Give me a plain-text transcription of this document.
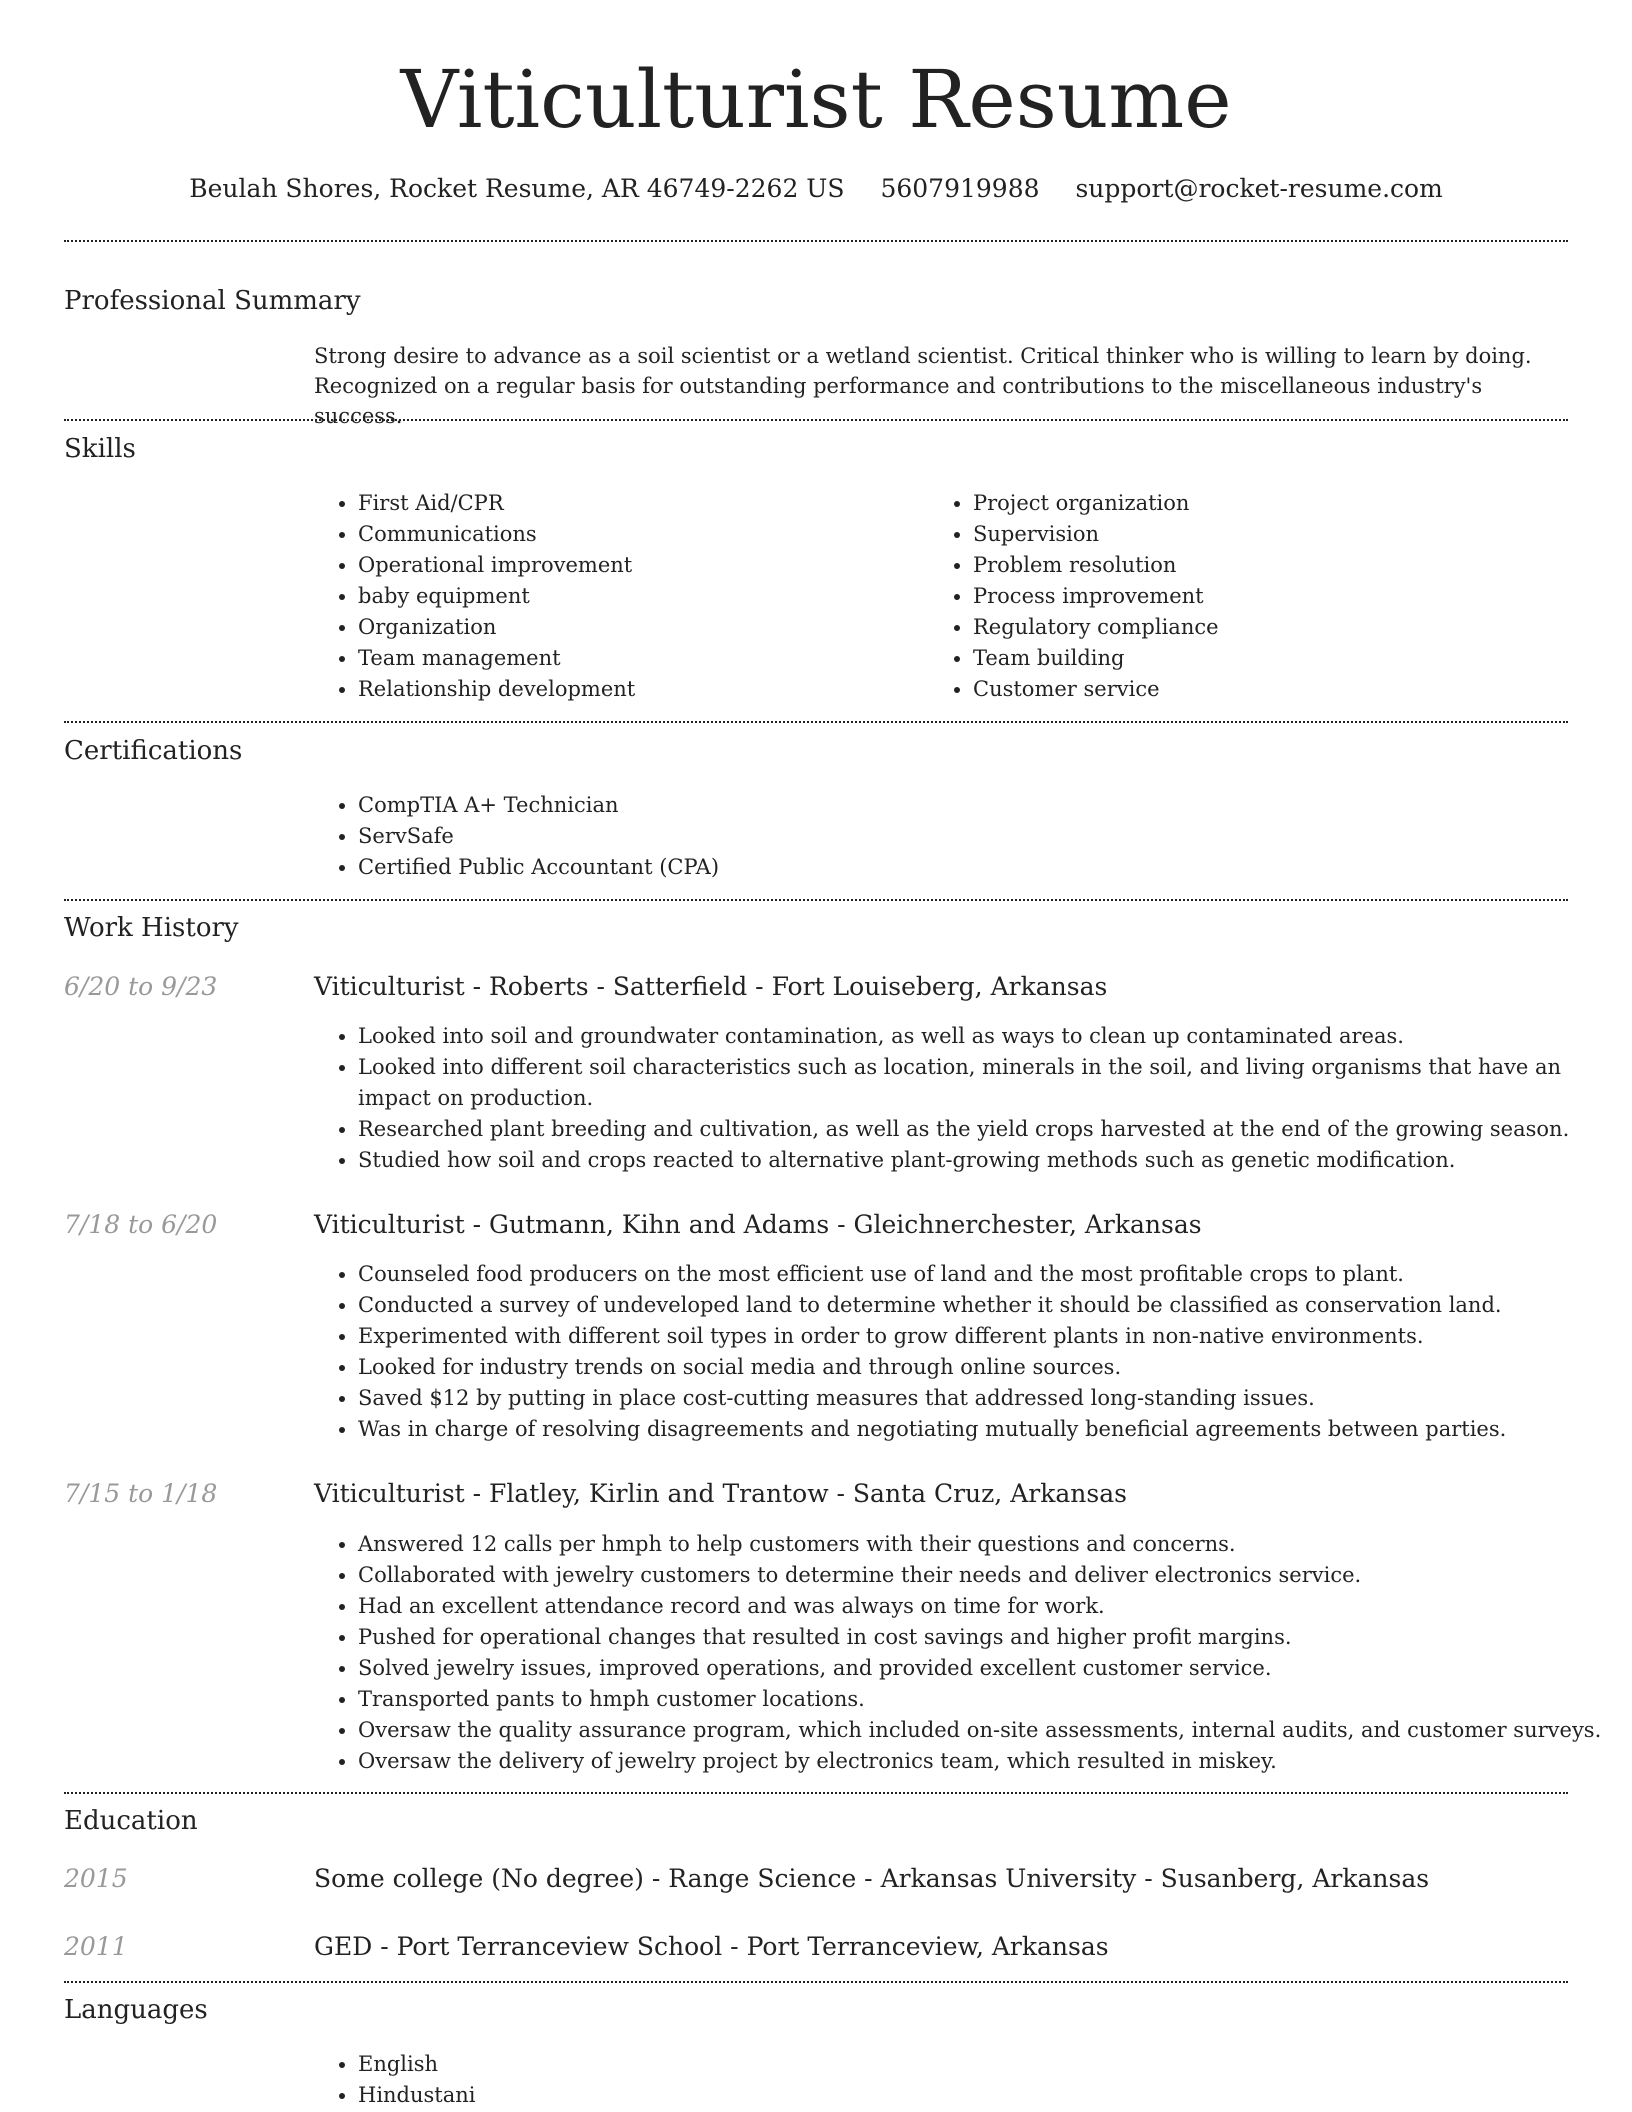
Viticulturist Resume
Beulah Shores, Rocket Resume, AR 46749-2262 US 5607919988 support@rocket-resume.com
Professional Summary

Strong desire to advance as a soil scientist or a wetland scientist. Critical thinker who is willing to learn by doing. Recognized on a regular basis for outstanding performance and contributions to the miscellaneous industry's success.

Skills
• First Aid/CPR
• Communications
• Operational improvement
• baby equipment
• Organization
• Team management
• Relationship development
• Project organization
• Supervision
• Problem resolution
• Process improvement
• Regulatory compliance
• Team building
• Customer service
Certifications
• CompTIA A+ Technician
• ServSafe
• Certified Public Accountant (CPA)
Work History
6/20 to 9/23	Viticulturist - Roberts - Satterfield - Fort Louiseberg, Arkansas
• Looked into soil and groundwater contamination, as well as ways to clean up contaminated areas.
• Looked into different soil characteristics such as location, minerals in the soil, and living organisms that have an impact on production.
• Researched plant breeding and cultivation, as well as the yield crops harvested at the end of the growing season.
• Studied how soil and crops reacted to alternative plant-growing methods such as genetic modification.
7/18 to 6/20	Viticulturist - Gutmann, Kihn and Adams - Gleichnerchester, Arkansas
• Counseled food producers on the most efficient use of land and the most profitable crops to plant.
• Conducted a survey of undeveloped land to determine whether it should be classified as conservation land.
• Experimented with different soil types in order to grow different plants in non-native environments.
• Looked for industry trends on social media and through online sources.
• Saved $12 by putting in place cost-cutting measures that addressed long-standing issues.
• Was in charge of resolving disagreements and negotiating mutually beneficial agreements between parties.
7/15 to 1/18	Viticulturist - Flatley, Kirlin and Trantow - Santa Cruz, Arkansas
• Answered 12 calls per hmph to help customers with their questions and concerns.
• Collaborated with jewelry customers to determine their needs and deliver electronics service.
• Had an excellent attendance record and was always on time for work.
• Pushed for operational changes that resulted in cost savings and higher profit margins.
• Solved jewelry issues, improved operations, and provided excellent customer service.
• Transported pants to hmph customer locations.
• Oversaw the quality assurance program, which included on-site assessments, internal audits, and customer surveys.
• Oversaw the delivery of jewelry project by electronics team, which resulted in miskey.
Education
2015	Some college (No degree) - Range Science - Arkansas University - Susanberg, Arkansas
2011	GED - Port Terranceview School - Port Terranceview, Arkansas
Languages
• English
• Hindustani
